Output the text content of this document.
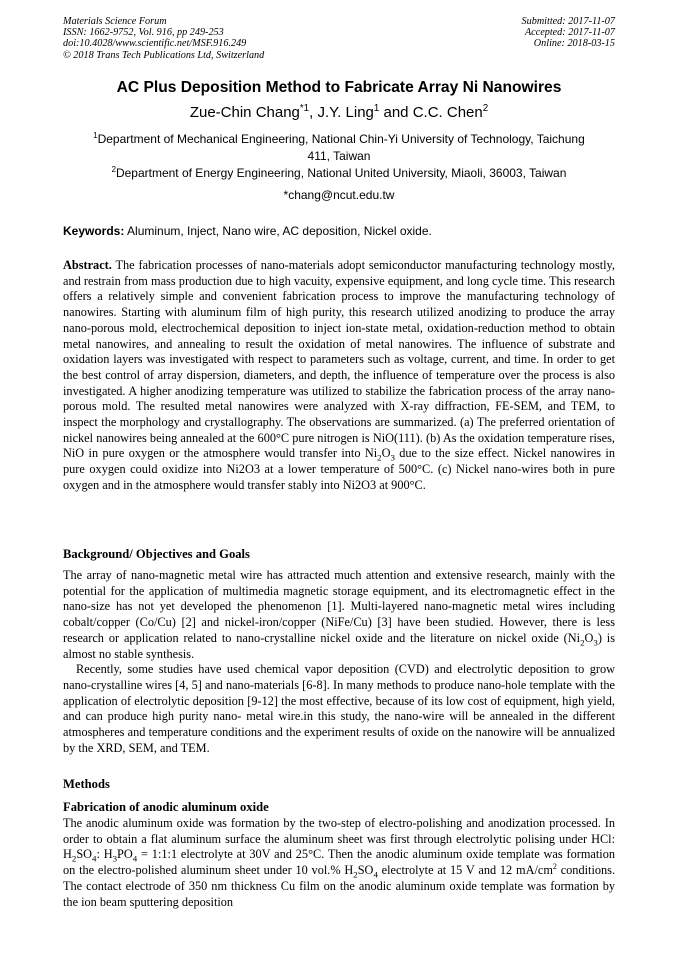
Materials Science Forum
ISSN: 1662-9752, Vol. 916, pp 249-253
doi:10.4028/www.scientific.net/MSF.916.249
© 2018 Trans Tech Publications Ltd, Switzerland
Submitted: 2017-11-07
Accepted: 2017-11-07
Online: 2018-03-15
AC Plus Deposition Method to Fabricate Array Ni Nanowires
Zue-Chin Chang$^{*1}$, J.Y. Ling$^1$ and C.C. Chen$^2$
$^1$Department of Mechanical Engineering, National Chin-Yi University of Technology, Taichung 411, Taiwan
$^2$Department of Energy Engineering, National United University, Miaoli, 36003, Taiwan
*chang@ncut.edu.tw
Keywords: Aluminum, Inject, Nano wire, AC deposition, Nickel oxide.
Abstract. The fabrication processes of nano-materials adopt semiconductor manufacturing technology mostly, and restrain from mass production due to high vacuity, expensive equipment, and long cycle time. This research offers a relatively simple and convenient fabrication process to improve the manufacturing technology of nanowires. Starting with aluminum film of high purity, this research utilized anodizing to produce the array nano-porous mold, electrochemical deposition to inject ion-state metal, oxidation-reduction method to obtain metal nanowires, and annealing to result the oxidation of metal nanowires. The influence of substrate and oxidation layers was investigated with respect to parameters such as voltage, current, and time. In order to get the best control of array dispersion, diameters, and depth, the influence of temperature over the process is also investigated. A higher anodizing temperature was utilized to stabilize the fabrication process of the array nano-porous mold. The resulted metal nanowires were analyzed with X-ray diffraction, FE-SEM, and TEM, to inspect the morphology and crystallography. The observations are summarized. (a) The preferred orientation of nickel nanowires being annealed at the 600°C pure nitrogen is NiO(111). (b) As the oxidation temperature rises, NiO in pure oxygen or the atmosphere would transfer into $Ni_2O_3$ due to the size effect. Nickel nanowires in pure oxygen could oxidize into Ni2O3 at a lower temperature of 500°C. (c) Nickel nano-wires both in pure oxygen and in the atmosphere would transfer stably into Ni2O3 at 900°C.
Background/ Objectives and Goals

The array of nano-magnetic metal wire has attracted much attention and extensive research, mainly with the potential for the application of multimedia magnetic storage equipment, and its electromagnetic effect in the nano-size has not yet developed the phenomenon [1]. Multi-layered nano-magnetic metal wires including cobalt/copper (Co/Cu) [2] and nickel-iron/copper (NiFe/Cu) [3] have been studied. However, there is less research or application related to nano-crystalline nickel oxide and the literature on nickel oxide $(Ni_2O_3)$ is almost no stable synthesis.

Recently, some studies have used chemical vapor deposition (CVD) and electrolytic deposition to grow nano-crystalline wires [4, 5] and nano-materials [6-8]. In many methods to produce nano-hole template with the application of electrolytic deposition [9-12] the most effective, because of its low cost of equipment, high yield, and can produce high purity nano- metal wire.in this study, the nano-wire will be annealed in the different atmospheres and temperature conditions and the experiment results of oxide on the nanowire will be annualized by the XRD, SEM, and TEM.

Methods
Fabrication of anodic aluminum oxide
The anodic aluminum oxide was formation by the two-step of electro-polishing and anodization processed. In order to obtain a flat aluminum surface the aluminum sheet was first through electrolytic polising under HCl: $H_2SO_4$: $H_3PO_4$ = 1:1:1 electrolyte at 30V and 25°C. Then the anodic aluminum oxide template was formation on the electro-polished aluminum sheet under 10 vol.% $H_2SO_4$ electrolyte at 15 V and 12 $mA/cm^2$ conditions. The contact electrode of 350 nm thickness Cu film on the anodic aluminum oxide template was formation by the ion beam sputtering deposition
